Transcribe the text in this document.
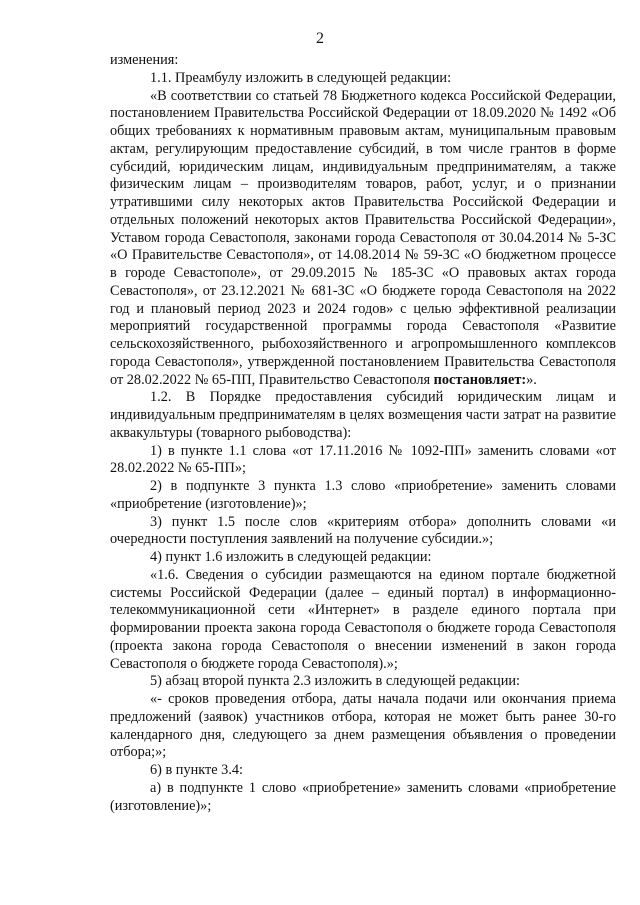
2

изменения:

1.1. Преамбулу изложить в следующей редакции:

«В соответствии со статьей 78 Бюджетного кодекса Российской Федерации, постановлением Правительства Российской Федерации от 18.09.2020 № 1492 «Об общих требованиях к нормативным правовым актам, муниципальным правовым актам, регулирующим предоставление субсидий, в том числе грантов в форме субсидий, юридическим лицам, индивидуальным предпринимателям, а также физическим лицам – производителям товаров, работ, услуг, и о признании утратившими силу некоторых актов Правительства Российской Федерации и отдельных положений некоторых актов Правительства Российской Федерации», Уставом города Севастополя, законами города Севастополя от 30.04.2014 № 5-ЗС «О Правительстве Севастополя», от 14.08.2014 № 59-ЗС «О бюджетном процессе в городе Севастополе», от 29.09.2015 № 185-ЗС «О правовых актах города Севастополя», от 23.12.2021 № 681-ЗС «О бюджете города Севастополя на 2022 год и плановый период 2023 и 2024 годов» с целью эффективной реализации мероприятий государственной программы города Севастополя «Развитие сельскохозяйственного, рыбохозяйственного и агропромышленного комплексов города Севастополя», утвержденной постановлением Правительства Севастополя от 28.02.2022 № 65-ПП, Правительство Севастополя постановляет:».

1.2. В Порядке предоставления субсидий юридическим лицам и индивидуальным предпринимателям в целях возмещения части затрат на развитие аквакультуры (товарного рыбоводства):

1) в пункте 1.1 слова «от 17.11.2016 № 1092-ПП» заменить словами «от 28.02.2022 № 65-ПП»;

2) в подпункте 3 пункта 1.3 слово «приобретение» заменить словами «приобретение (изготовление)»;

3) пункт 1.5 после слов «критериям отбора» дополнить словами «и очередности поступления заявлений на получение субсидии.»;

4) пункт 1.6 изложить в следующей редакции:

«1.6. Сведения о субсидии размещаются на едином портале бюджетной системы Российской Федерации (далее – единый портал) в информационно-телекоммуникационной сети «Интернет» в разделе единого портала при формировании проекта закона города Севастополя о бюджете города Севастополя (проекта закона города Севастополя о внесении изменений в закон города Севастополя о бюджете города Севастополя).»;

5) абзац второй пункта 2.3 изложить в следующей редакции:

«- сроков проведения отбора, даты начала подачи или окончания приема предложений (заявок) участников отбора, которая не может быть ранее 30-го календарного дня, следующего за днем размещения объявления о проведении отбора;»;

6) в пункте 3.4:

а) в подпункте 1 слово «приобретение» заменить словами «приобретение (изготовление)»;
